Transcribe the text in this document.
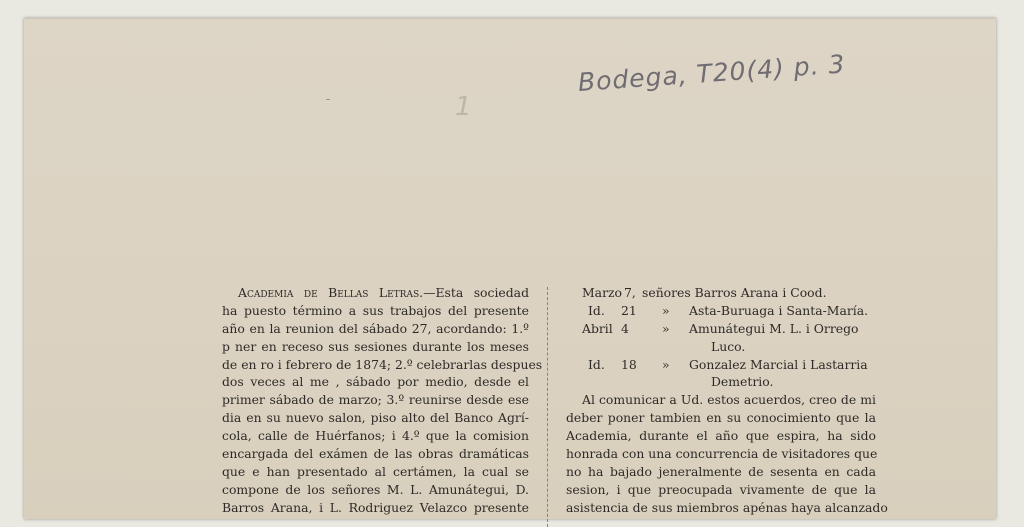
-	1
Bodega, T20(4) p. 3
Academia de Bellas Letras.—Esta sociedad
ha puesto término a sus trabajos del presente
año en la reunion del sábado 27, acordando: 1.º
p ner en receso sus sesiones durante los meses
de en ro i febrero de 1874; 2.º celebrarlas despues
dos veces al me , sábado por medio, desde el
primer sábado de marzo; 3.º reunirse desde ese
dia en su nuevo salon, piso alto del Banco Agrí-
cola, calle de Huérfanos; i 4.º que la comision
encargada del exámen de las obras dramáticas
que e han presentado al certámen, la cual se
compone de los señores M. L. Amunátegui, D.
Barros Arana, i L. Rodriguez Velazco presente
Marzo 7, señores Barros Arana i Cood.
Id. 21 » Asta-Buruaga i Santa-María.
Abril 4	» Amunátegui M. L. i Orrego
Luco.
Id. 18 » Gonzalez Marcial i Lastarria
Demetrio.
Al comunicar a Ud. estos acuerdos, creo de mi
deber poner tambien en su conocimiento que la
Academia, durante el año que espira, ha sido
honrada con una concurrencia de visitadores que
no ha bajado jeneralmente de sesenta en cada
sesion, i que preocupada vivamente de que la
asistencia de sus miembros apénas haya alcanzado
